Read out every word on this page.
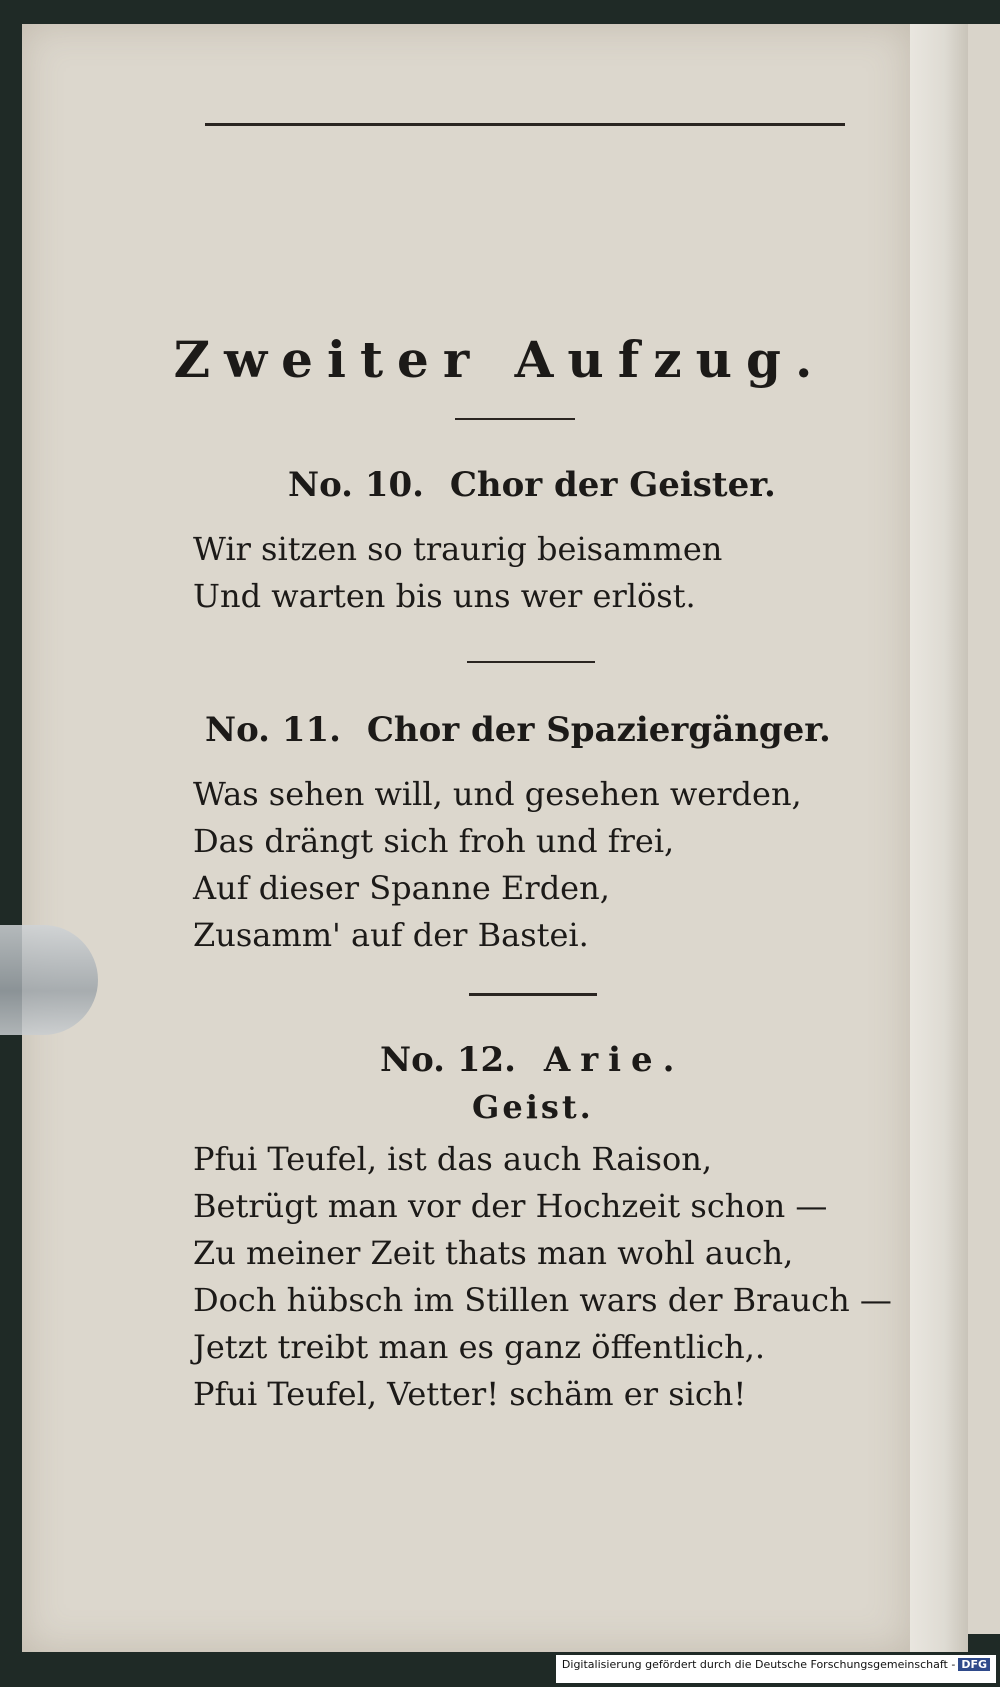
Zweiter Aufzug.

No. 10. Chor der Geister.

Wir sitzen so traurig beisammen

Und warten bis uns wer erlöst.

No. 11. Chor der Spaziergänger.

Was sehen will, und gesehen werden,

Das drängt sich froh und frei,

Auf dieser Spanne Erden,

Zusamm' auf der Bastei.

No. 12. Arie.

Geist.

Pfui Teufel, ist das auch Raison,

Betrügt man vor der Hochzeit schon —

Zu meiner Zeit thats man wohl auch,

Doch hübsch im Stillen wars der Brauch —

Jetzt treibt man es ganz öffentlich,.

Pfui Teufel, Vetter! schäm er sich!

Digitalisierung gefördert durch die Deutsche Forschungsgemeinschaft - DFG
